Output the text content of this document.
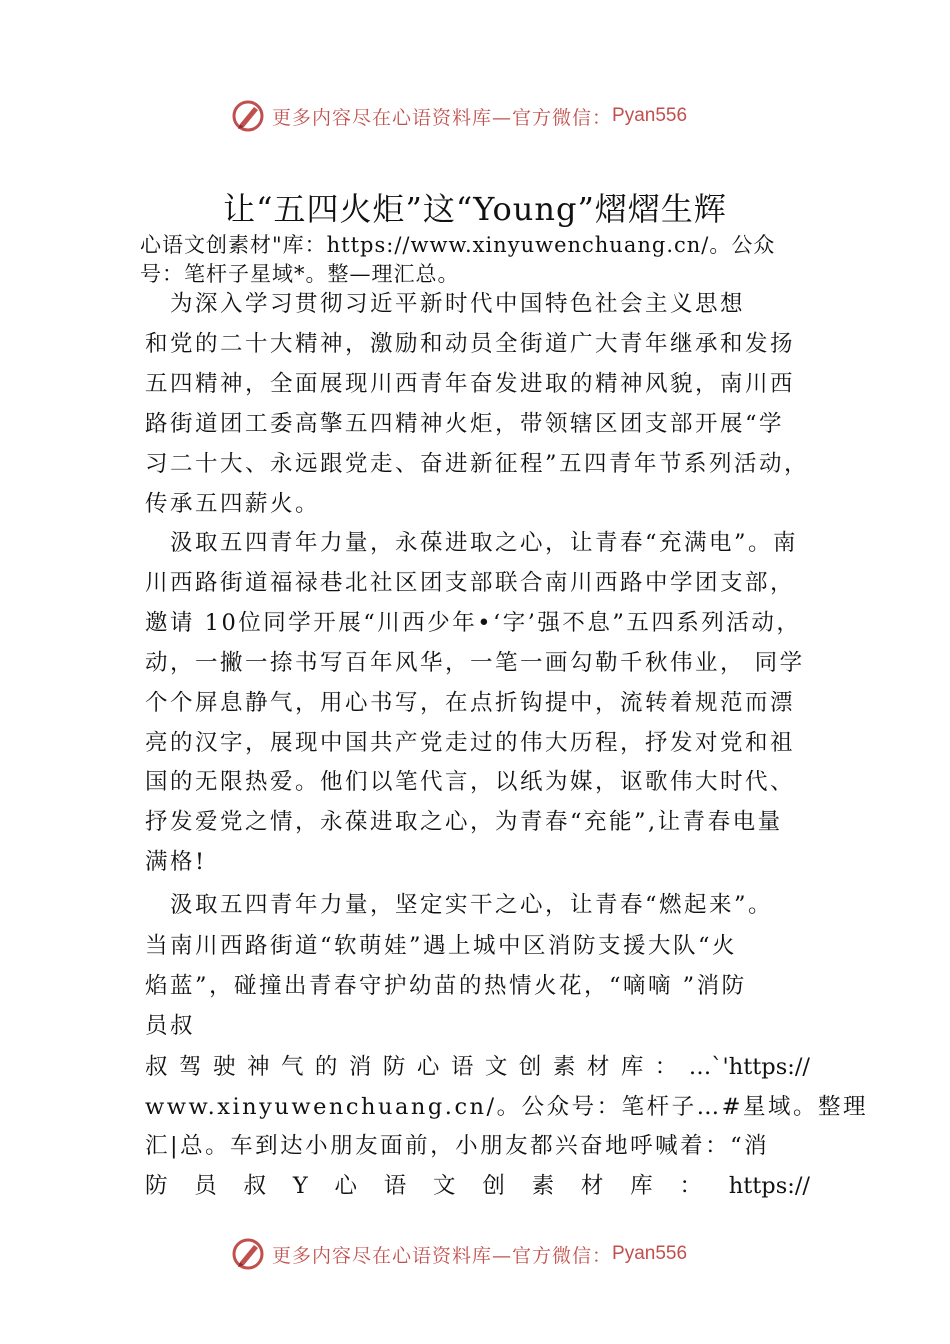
更多内容尽在心语资料库—官方微信： Pyan556
让“五四火炬”这“Young”熠熠生辉
心语文创素材"库：https://www.xinyuwenchuang.cn/。公众
号：笔杆子星域*。整—理汇总。
　为深入学习贯彻习近平新时代中国特色社会主义思想
和党的二十大精神，激励和动员全街道广大青年继承和发扬
五四精神，全面展现川西青年奋发进取的精神风貌，南川西
路街道团工委高擎五四精神火炬，带领辖区团支部开展“学
习二十大、永远跟党走、奋进新征程”五四青年节系列活动，
传承五四薪火。
　汲取五四青年力量，永葆进取之心，让青春“充满电”。南
川西路街道福禄巷北社区团支部联合南川西路中学团支部，
邀请 10位同学开展“川西少年•‘字’强不息”五四系列活动，
动，一撇一捺书写百年风华，一笔一画勾勒千秋伟业， 同学
个个屏息静气，用心书写，在点折钩提中，流转着规范而漂
亮的汉字，展现中国共产党走过的伟大历程，抒发对党和祖
国的无限热爱。他们以笔代言，以纸为媒，讴歌伟大时代、
抒发爱党之情，永葆进取之心，为青春“充能”,让青春电量
满格!
　汲取五四青年力量，坚定实干之心，让青春“燃起来”。
当南川西路街道“软萌娃”遇上城中区消防支援大队“火
焰蓝”，碰撞出青春守护幼苗的热情火花，“嘀嘀 ”消防
员叔
叔驾驶神气的消防心语文创素材库：…`'https://
www.xinyuwenchuang.cn/。公众号：笔杆子…#星域。整理
汇|总。车到达小朋友面前，小朋友都兴奋地呼喊着：“消
防员叔Y心语文创素材库：https://
更多内容尽在心语资料库—官方微信： Pyan556
